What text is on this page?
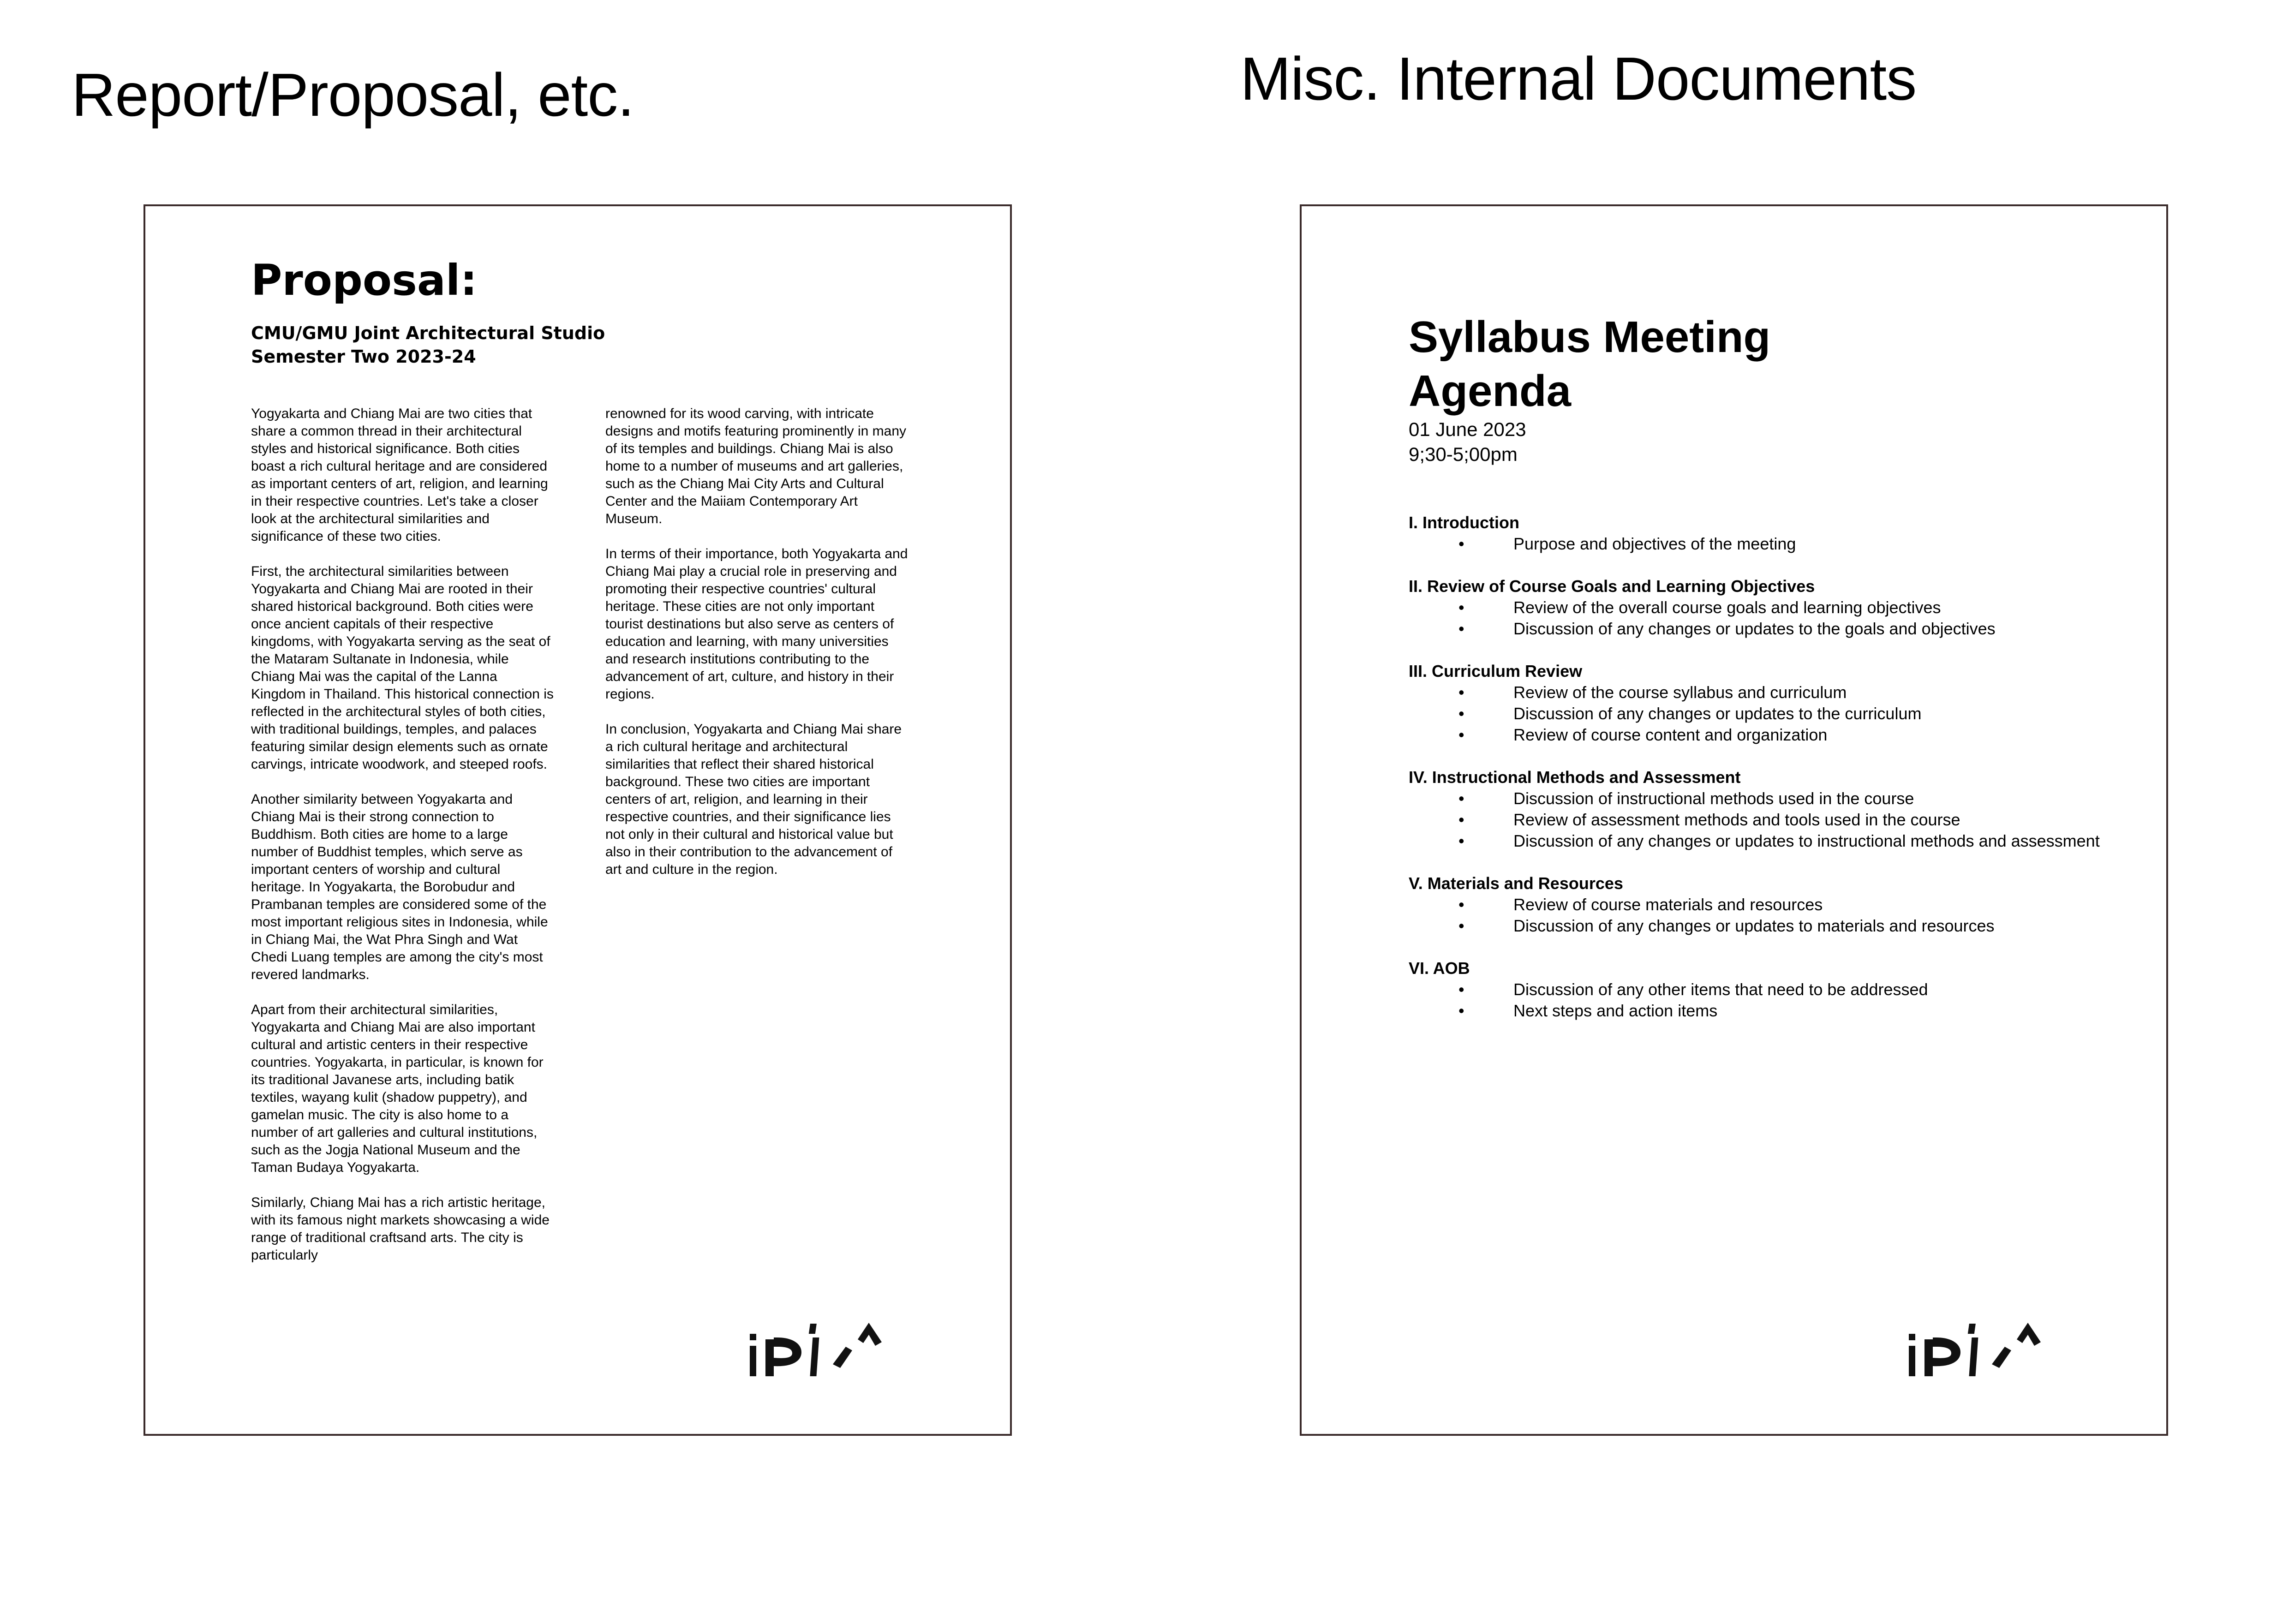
Report/Proposal, etc.	Misc. Internal Documents
Proposal:
CMU/GMU Joint Architectural Studio
Semester Two 2023-24

Yogyakarta and Chiang Mai are two cities that share a common thread in their architectural styles and historical significance. Both cities boast a rich cultural heritage and are considered as important centers of art, religion, and learning in their respective countries. Let's take a closer look at the architectural similarities and significance of these two cities.

First, the architectural similarities between Yogyakarta and Chiang Mai are rooted in their shared historical background. Both cities were once ancient capitals of their respective kingdoms, with Yogyakarta serving as the seat of the Mataram Sultanate in Indonesia, while Chiang Mai was the capital of the Lanna Kingdom in Thailand. This historical connection is reflected in the architectural styles of both cities, with traditional buildings, temples, and palaces featuring similar design elements such as ornate carvings, intricate woodwork, and steeped roofs.

Another similarity between Yogyakarta and Chiang Mai is their strong connection to Buddhism. Both cities are home to a large number of Buddhist temples, which serve as important centers of worship and cultural heritage. In Yogyakarta, the Borobudur and Prambanan temples are considered some of the most important religious sites in Indonesia, while in Chiang Mai, the Wat Phra Singh and Wat Chedi Luang temples are among the city's most revered landmarks.

Apart from their architectural similarities, Yogyakarta and Chiang Mai are also important cultural and artistic centers in their respective countries. Yogyakarta, in particular, is known for its traditional Javanese arts, including batik textiles, wayang kulit (shadow puppetry), and gamelan music. The city is also home to a number of art galleries and cultural institutions, such as the Jogja National Museum and the Taman Budaya Yogyakarta.

Similarly, Chiang Mai has a rich artistic heritage, with its famous night markets showcasing a wide range of traditional craftsand arts. The city is particularly

renowned for its wood carving, with intricate designs and motifs featuring prominently in many of its temples and buildings. Chiang Mai is also home to a number of museums and art galleries, such as the Chiang Mai City Arts and Cultural Center and the Maiiam Contemporary Art Museum.

In terms of their importance, both Yogyakarta and Chiang Mai play a crucial role in preserving and promoting their respective countries' cultural heritage. These cities are not only important tourist destinations but also serve as centers of education and learning, with many universities and research institutions contributing to the advancement of art, culture, and history in their regions.

In conclusion, Yogyakarta and Chiang Mai share a rich cultural heritage and architectural similarities that reflect their shared historical background. These two cities are important centers of art, religion, and learning in their respective countries, and their significance lies not only in their cultural and historical value but also in their contribution to the advancement of art and culture in the region.

Syllabus Meeting
Agenda
01 June 2023
9;30-5;00pm
I. Introduction
•	Purpose and objectives of the meeting
II. Review of Course Goals and Learning Objectives
•	Review of the overall course goals and learning objectives
•	Discussion of any changes or updates to the goals and objectives
III. Curriculum Review
•	Review of the course syllabus and curriculum
•	Discussion of any changes or updates to the curriculum
•	Review of course content and organization
IV. Instructional Methods and Assessment
•	Discussion of instructional methods used in the course
•	Review of assessment methods and tools used in the course
•	Discussion of any changes or updates to instructional methods and assessment
V. Materials and Resources
•	Review of course materials and resources
•	Discussion of any changes or updates to materials and resources
VI. AOB
•	Discussion of any other items that need to be addressed
•	Next steps and action items
